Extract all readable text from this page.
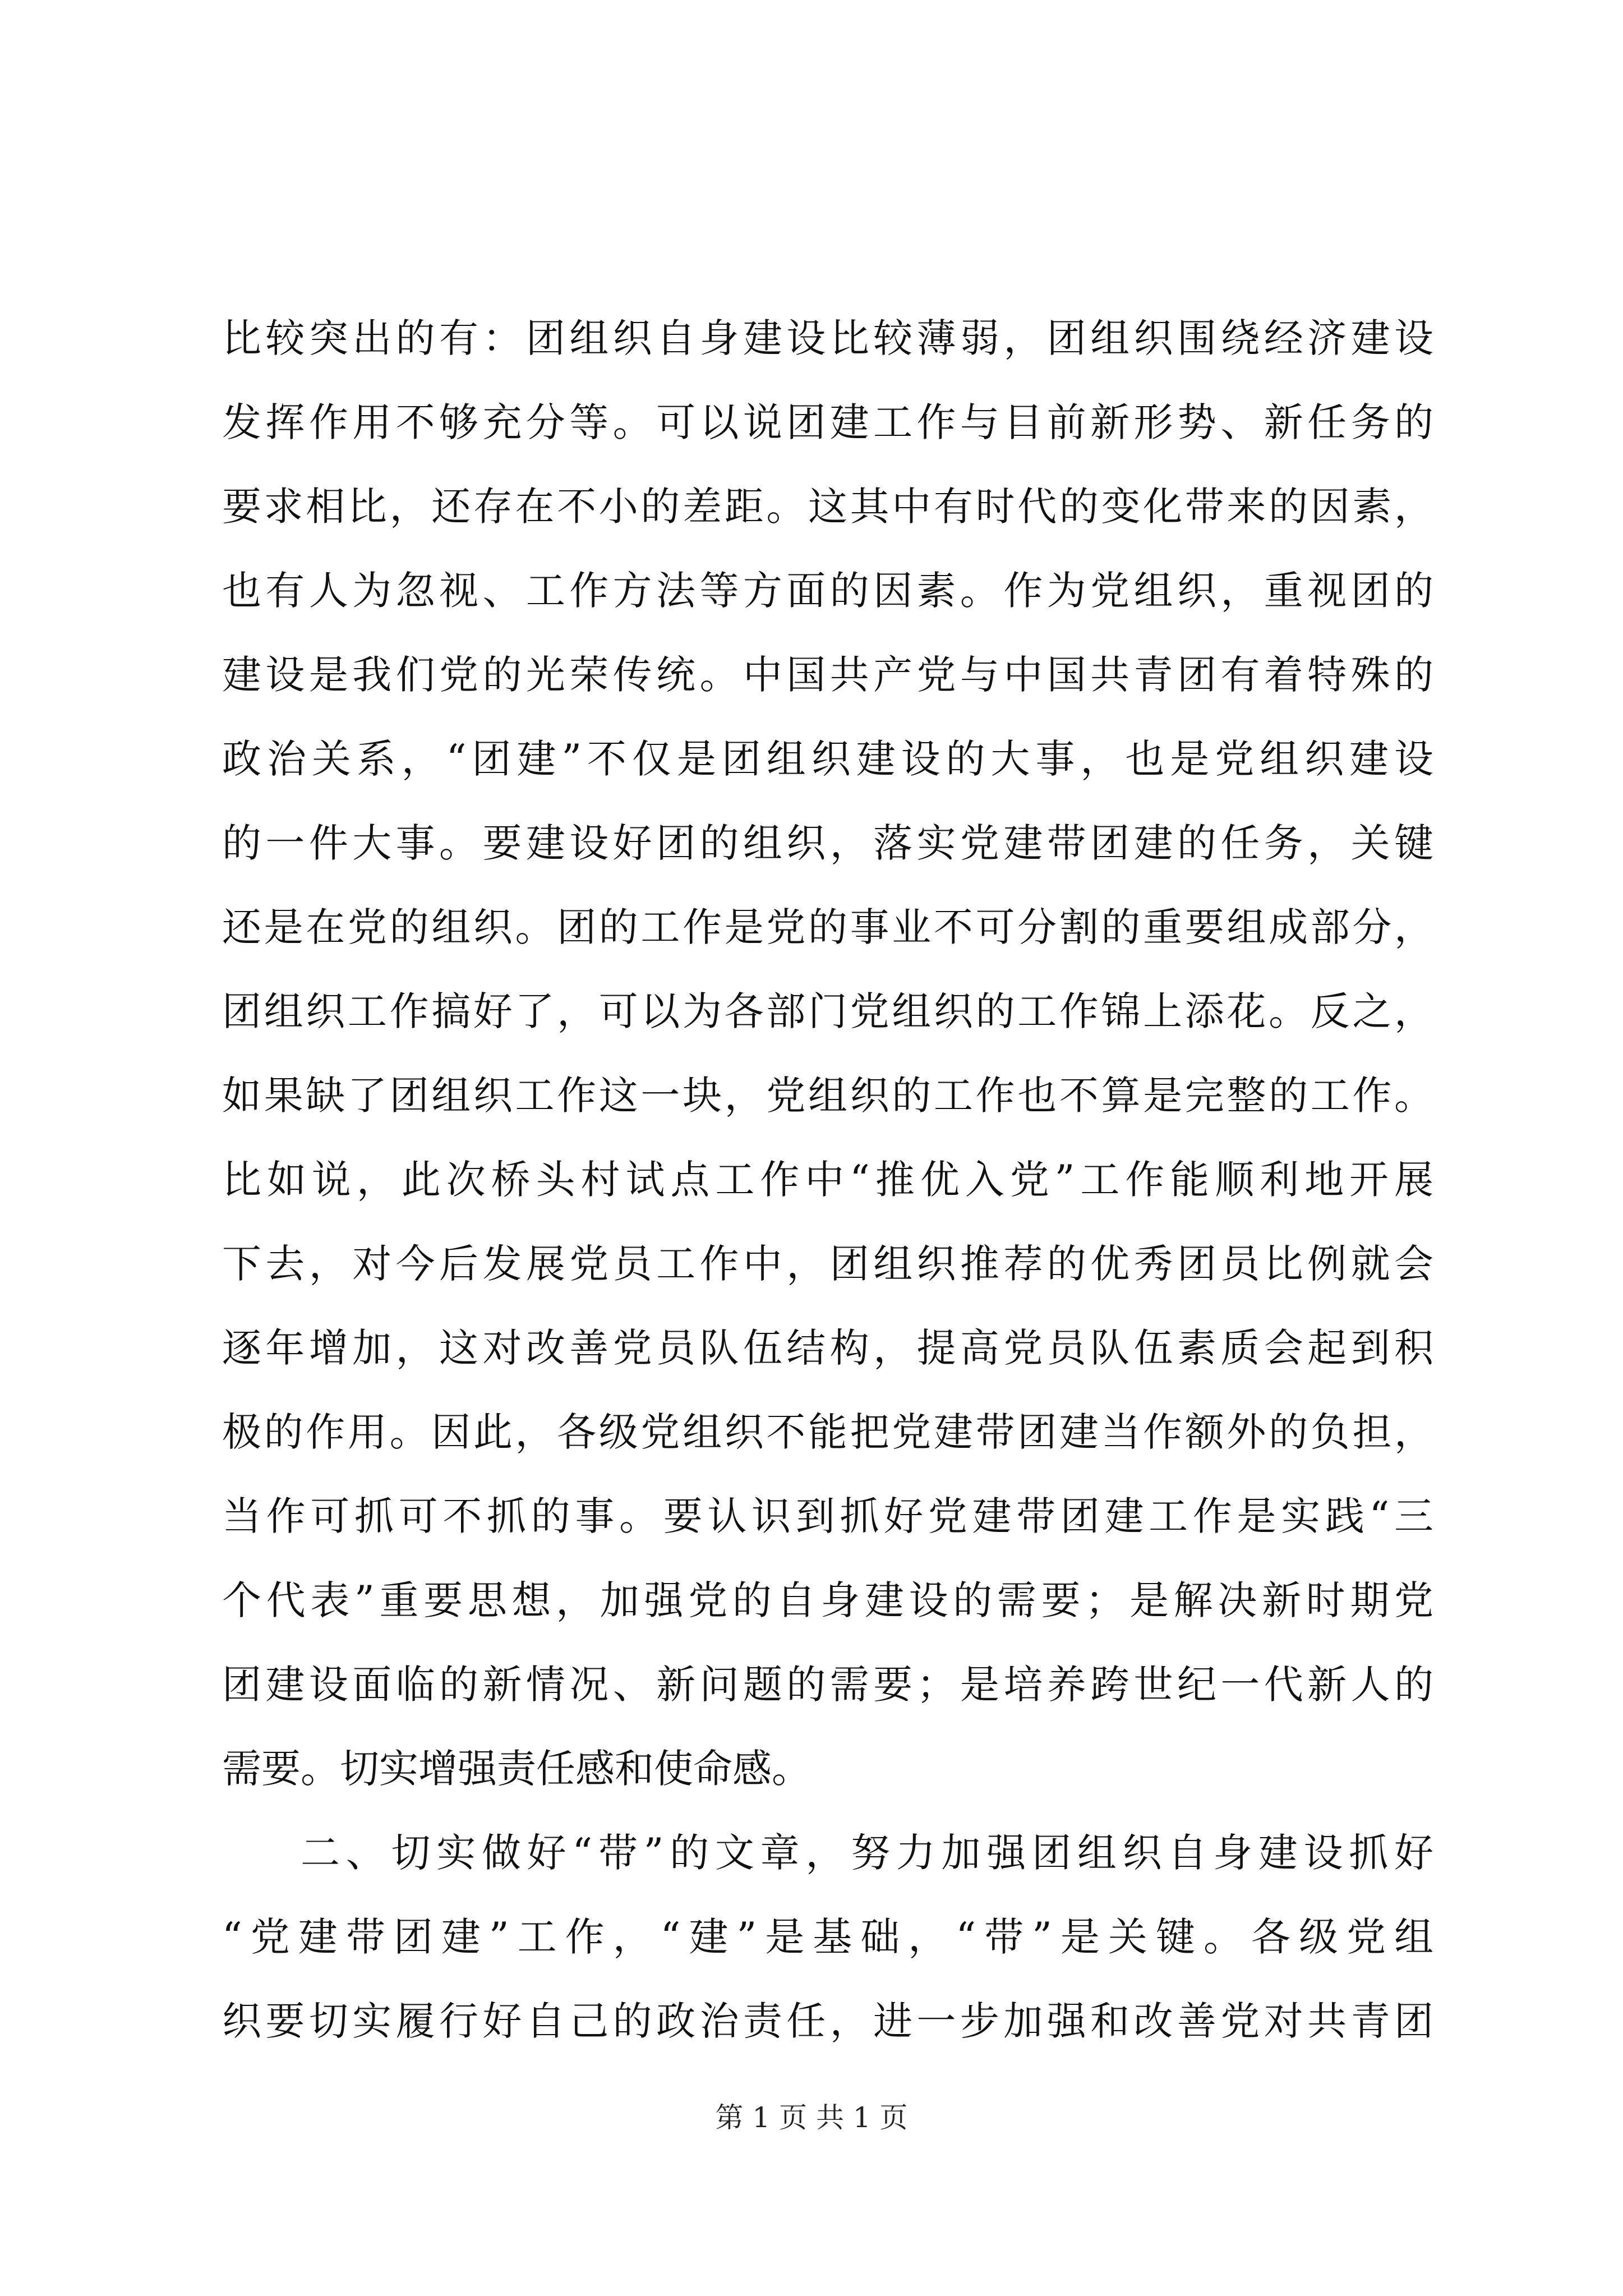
比较突出的有：团组织自身建设比较薄弱，团组织围绕经济建设
发挥作用不够充分等。可以说团建工作与目前新形势、新任务的
要求相比，还存在不小的差距。这其中有时代的变化带来的因素，
也有人为忽视、工作方法等方面的因素。作为党组织，重视团的
建设是我们党的光荣传统。中国共产党与中国共青团有着特殊的
政治关系，“团建”不仅是团组织建设的大事，也是党组织建设
的一件大事。要建设好团的组织，落实党建带团建的任务，关键
还是在党的组织。团的工作是党的事业不可分割的重要组成部分，
团组织工作搞好了，可以为各部门党组织的工作锦上添花。反之，
如果缺了团组织工作这一块，党组织的工作也不算是完整的工作。
比如说，此次桥头村试点工作中“推优入党”工作能顺利地开展
下去，对今后发展党员工作中，团组织推荐的优秀团员比例就会
逐年增加，这对改善党员队伍结构，提高党员队伍素质会起到积
极的作用。因此，各级党组织不能把党建带团建当作额外的负担，
当作可抓可不抓的事。要认识到抓好党建带团建工作是实践“三
个代表”重要思想，加强党的自身建设的需要；是解决新时期党
团建设面临的新情况、新问题的需要；是培养跨世纪一代新人的
需要。切实增强责任感和使命感。
二、切实做好“带”的文章，努力加强团组织自身建设抓好
“党建带团建”工作，“建”是基础，“带”是关键。各级党组
织要切实履行好自己的政治责任，进一步加强和改善党对共青团
第 1 页 共 1 页
